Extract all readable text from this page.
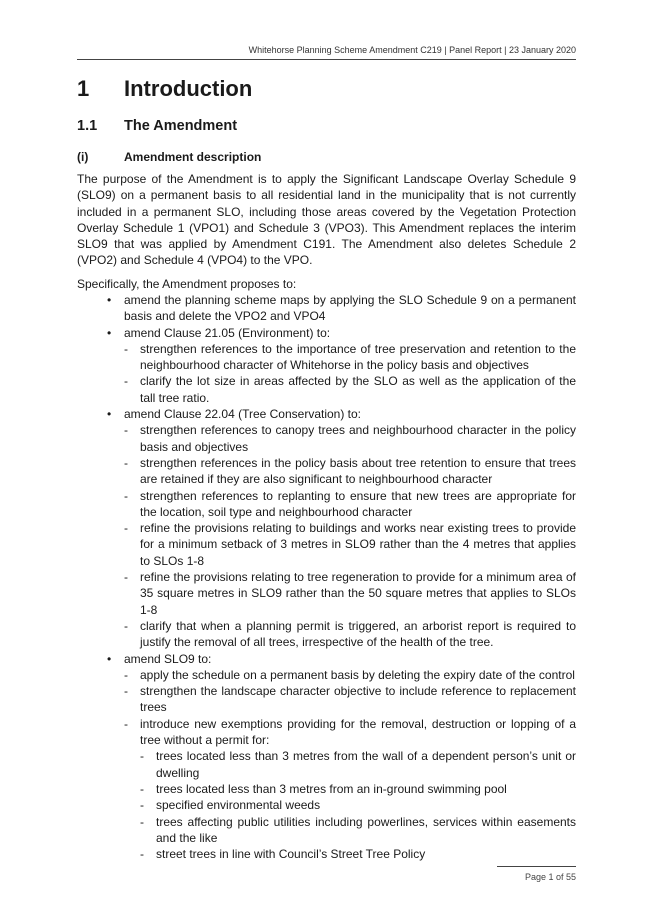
Whitehorse Planning Scheme Amendment C219 | Panel Report | 23 January 2020
1 Introduction
1.1 The Amendment
(i)	Amendment description

The purpose of the Amendment is to apply the Significant Landscape Overlay Schedule 9 (SLO9) on a permanent basis to all residential land in the municipality that is not currently included in a permanent SLO, including those areas covered by the Vegetation Protection Overlay Schedule 1 (VPO1) and Schedule 3 (VPO3). This Amendment replaces the interim SLO9 that was applied by Amendment C191. The Amendment also deletes Schedule 2 (VPO2) and Schedule 4 (VPO4) to the VPO.

Specifically, the Amendment proposes to:

• amend the planning scheme maps by applying the SLO Schedule 9 on a permanent basis and delete the VPO2 and VPO4
• amend Clause 21.05 (Environment) to:
- strengthen references to the importance of tree preservation and retention to the neighbourhood character of Whitehorse in the policy basis and objectives
- clarify the lot size in areas affected by the SLO as well as the application of the tall tree ratio.
• amend Clause 22.04 (Tree Conservation) to:
- strengthen references to canopy trees and neighbourhood character in the policy basis and objectives
- strengthen references in the policy basis about tree retention to ensure that trees are retained if they are also significant to neighbourhood character
- strengthen references to replanting to ensure that new trees are appropriate for the location, soil type and neighbourhood character
- refine the provisions relating to buildings and works near existing trees to provide for a minimum setback of 3 metres in SLO9 rather than the 4 metres that applies to SLOs 1-8
- refine the provisions relating to tree regeneration to provide for a minimum area of 35 square metres in SLO9 rather than the 50 square metres that applies to SLOs 1-8
- clarify that when a planning permit is triggered, an arborist report is required to justify the removal of all trees, irrespective of the health of the tree.
• amend SLO9 to:
- apply the schedule on a permanent basis by deleting the expiry date of the control
- strengthen the landscape character objective to include reference to replacement trees
- introduce new exemptions providing for the removal, destruction or lopping of a tree without a permit for:
- trees located less than 3 metres from the wall of a dependent person’s unit or dwelling
- trees located less than 3 metres from an in-ground swimming pool
- specified environmental weeds
- trees affecting public utilities including powerlines, services within easements and the like
- street trees in line with Council’s Street Tree Policy
Page 1 of 55
